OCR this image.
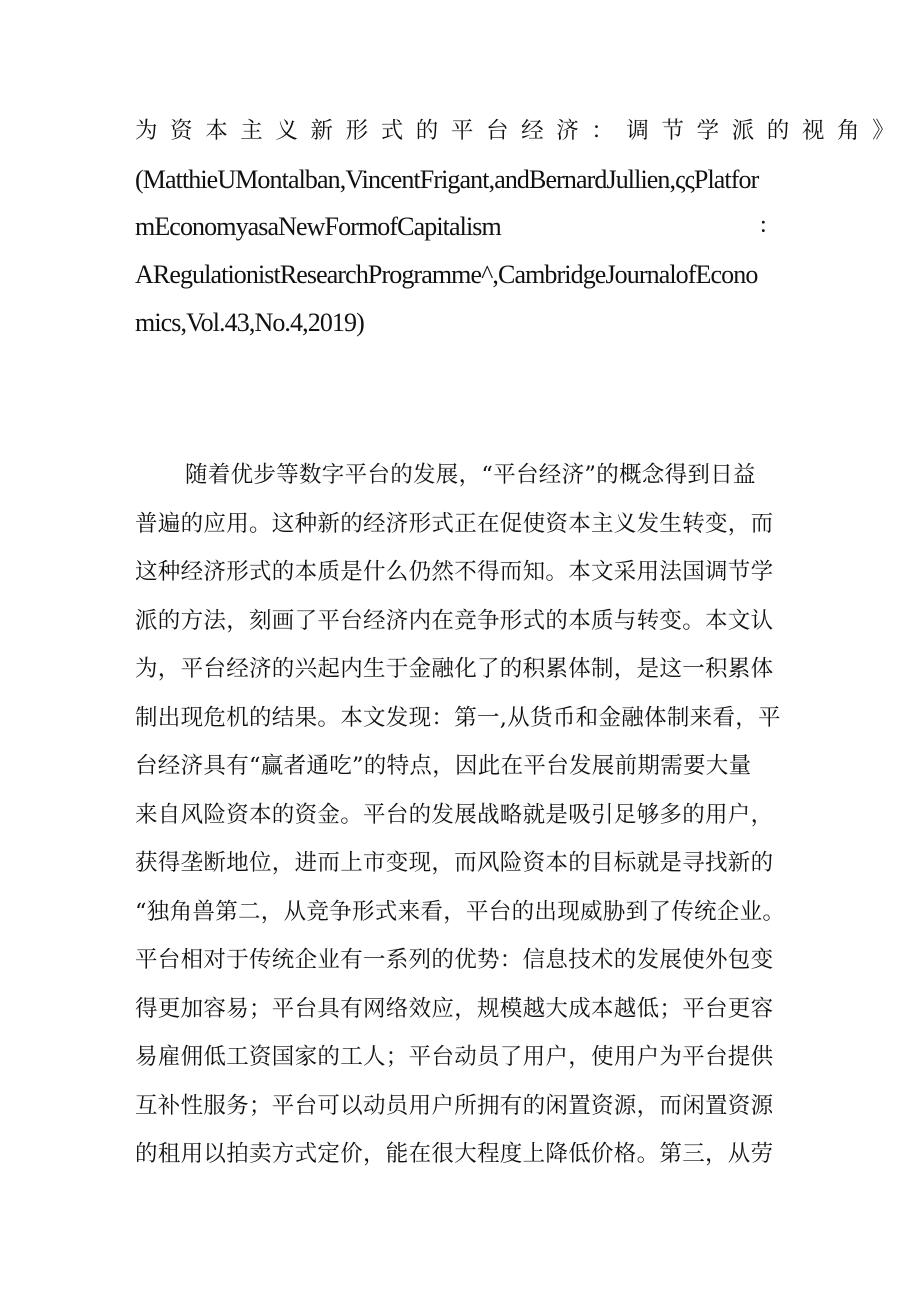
为资本主义新形式的平台经济：调节学派的视角》

(MatthieUMontalban,VincentFrigant,andBernardJullien,ςςPlatfor

mEconomyasaNewFormofCapitalism	:

ARegulationistResearchProgramme^,CambridgeJournalofEcono

mics,Vol.43,No.4,2019)

随着优步等数字平台的发展，“平台经济”的概念得到日益

普遍的应用。这种新的经济形式正在促使资本主义发生转变，而

这种经济形式的本质是什么仍然不得而知。本文采用法国调节学

派的方法，刻画了平台经济内在竞争形式的本质与转变。本文认

为，平台经济的兴起内生于金融化了的积累体制，是这一积累体

制出现危机的结果。本文发现：第一,从货币和金融体制来看，平

台经济具有“赢者通吃”的特点，因此在平台发展前期需要大量

来自风险资本的资金。平台的发展战略就是吸引足够多的用户，

获得垄断地位，进而上市变现，而风险资本的目标就是寻找新的

“独角兽第二，从竞争形式来看，平台的出现威胁到了传统企业。

平台相对于传统企业有一系列的优势：信息技术的发展使外包变

得更加容易；平台具有网络效应，规模越大成本越低；平台更容

易雇佣低工资国家的工人；平台动员了用户，使用户为平台提供

互补性服务；平台可以动员用户所拥有的闲置资源，而闲置资源

的租用以拍卖方式定价，能在很大程度上降低价格。第三，从劳
